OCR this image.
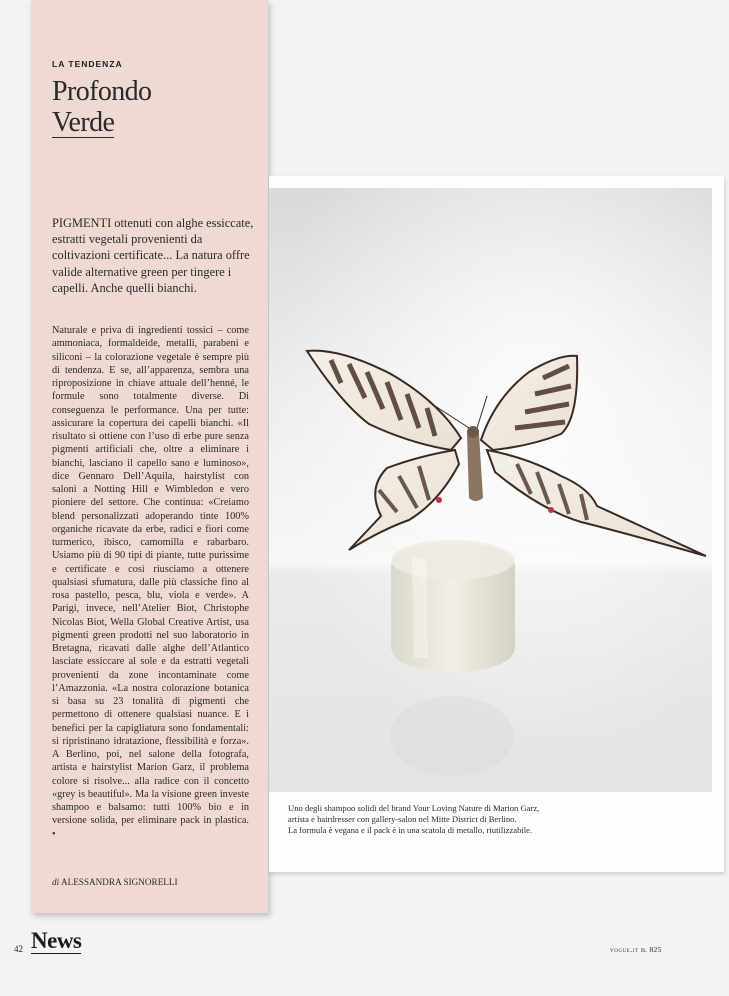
LA TENDENZA
Profondo
Verde

PIGMENTI ottenuti con alghe essiccate, estratti vegetali provenienti da coltivazioni certificate... La natura offre valide alternative green per tingere i capelli. Anche quelli bianchi.

Naturale e priva di ingredienti tossici – come ammoniaca, formaldeide, metalli, parabeni e siliconi – la colorazione vegetale è sempre più di tendenza. E se, all’apparenza, sembra una riproposizione in chiave attuale dell’henné, le formule sono totalmente diverse. Di conseguenza le performance. Una per tutte: assicurare la copertura dei capelli bianchi. «Il risultato si ottiene con l’uso di erbe pure senza pigmenti artificiali che, oltre a eliminare i bianchi, lasciano il capello sano e luminoso», dice Gennaro Dell’Aquila, hairstylist con saloni a Notting Hill e Wimbledon e vero pioniere del settore. Che continua: «Creiamo blend personalizzati adoperando tinte 100% organiche ricavate da erbe, radici e fiori come turmerico, ibisco, camomilla e rabarbaro. Usiamo più di 90 tipi di piante, tutte purissime e certificate e così riusciamo a ottenere qualsiasi sfumatura, dalle più classiche fino al rosa pastello, pesca, blu, viola e verde». A Parigi, invece, nell’Atelier Biot, Christophe Nicolas Biot, Wella Global Creative Artist, usa pigmenti green prodotti nel suo laboratorio in Bretagna, ricavati dalle alghe dell’Atlantico lasciate essiccare al sole e da estratti vegetali provenienti da zone incontaminate come l’Amazzonia. «La nostra colorazione botanica si basa su 23 tonalità di pigmenti che permettono di ottenere qualsiasi nuance. E i benefici per la capigliatura sono fondamentali: si ripristinano idratazione, flessibilità e forza». A Berlino, poi, nel salone della fotografa, artista e hairstylist Marion Garz, il problema colore si risolve... alla radice con il concetto «grey is beautiful». Ma la visione green investe shampoo e balsamo: tutti 100% bio e in versione solida, per eliminare pack in plastica. •

di ALESSANDRA SIGNORELLI
Uno degli shampoo solidi del brand Your Loving Nature di Marion Garz,
artista e hairdresser con gallery-salon nel Mitte District di Berlino.
La formula è vegana e il pack è in una scatola di metallo, riutilizzabile.
42 News	vogue.it n. 825
